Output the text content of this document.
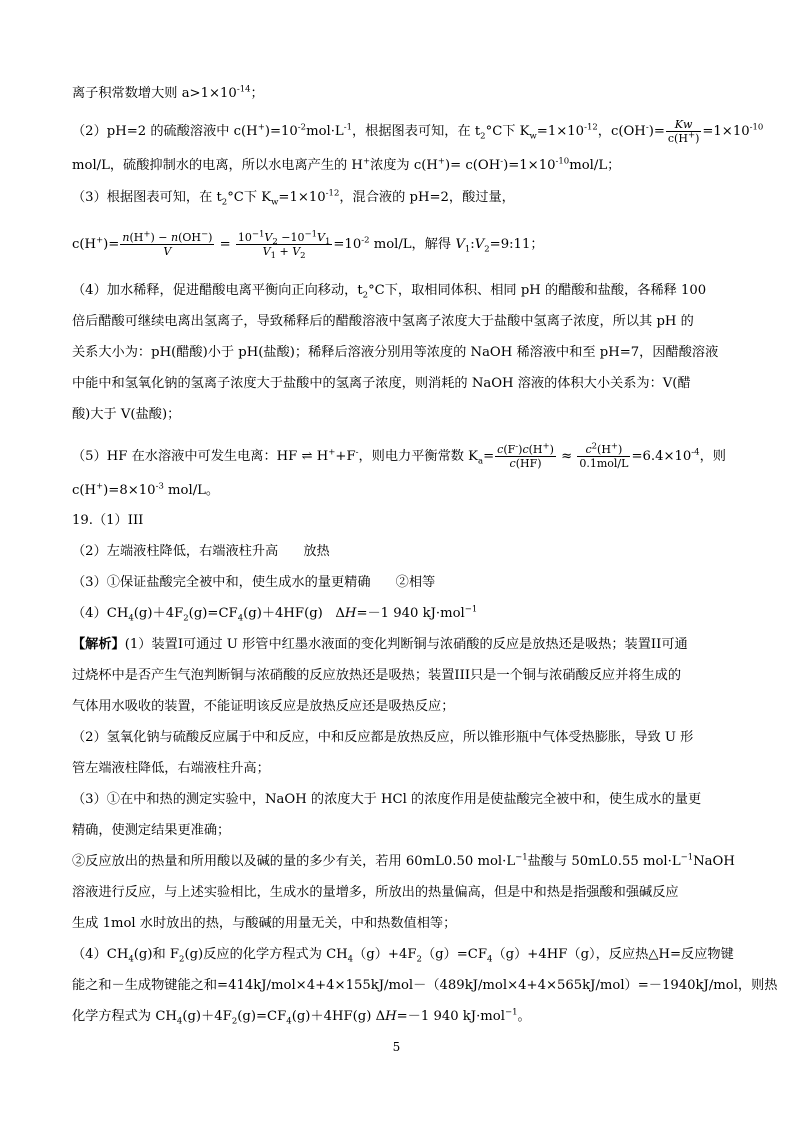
离子积常数增大则 $a>1\times 10^{-14}$；
（2）pH=2 的硫酸溶液中 $c(H^+)=10^{-2}mol\cdot L^{-1}$，根据图表可知，在 $t_2^\circ C$下 $K_w=1\times 10^{-12}$，$c(OH^-)= \frac{Kw}{c(H^+)} =1\times 10^{-10}$
mol/L，硫酸抑制水的电离，所以水电离产生的 H+浓度为 $c(H^+)= c(OH^-)=1\times 10^{-10}mol/L$；
（3）根据图表可知，在 $t_2^\circ C$下 $K_w=1\times 10^{-12}$，混合液的 pH=2，酸过量，
$c(H^+)= \frac{n(H^+) - n(OH^-)}{V} = \frac{10^{-1}V_2 -10^{-1}V_1}{V_1 + V_2} =10^{-2}$ mol/L，解得 $V_1:V_2=9:11$；
（4）加水稀释，促进醋酸电离平衡向正向移动，$t_2^\circ C$下，取相同体积、相同 pH 的醋酸和盐酸，各稀释 100
倍后醋酸可继续电离出氢离子，导致稀释后的醋酸溶液中氢离子浓度大于盐酸中氢离子浓度，所以其 pH 的
关系大小为：pH(醋酸)小于 pH(盐酸)；稀释后溶液分别用等浓度的 NaOH 稀溶液中和至 pH=7，因醋酸溶液
中能中和氢氧化钠的氢离子浓度大于盐酸中的氢离子浓度，则消耗的 NaOH 溶液的体积大小关系为：V(醋
酸)大于 V(盐酸)；
（5）HF 在水溶液中可发生电离：HF ⇌ H++F-，则电力平衡常数 $K_a= \frac{c(F^-)c(H^+)}{c(HF)} \approx \frac{c^2(H^+)}{\text{0.1mol/L}} =6.4\times 10^{-4}$，则
$c(H^+)=8\times 10^{-3}$ mol/L。
19.（1）III
（2）左端液柱降低，右端液柱升高      放热
（3）①保证盐酸完全被中和，使生成水的量更精确      ②相等
$(4)CH_4(g)+4F_2(g)=CF_4(g)+4HF(g)$   ΔH=－1 940 kJ·mol$^{-1}$
【解析】(1）装置I可通过 U 形管中红墨水液面的变化判断铜与浓硝酸的反应是放热还是吸热；装置II可通
过烧杯中是否产生气泡判断铜与浓硝酸的反应放热还是吸热；装置III只是一个铜与浓硝酸反应并将生成的
气体用水吸收的装置，不能证明该反应是放热反应还是吸热反应；
（2）氢氧化钠与硫酸反应属于中和反应，中和反应都是放热反应，所以锥形瓶中气体受热膨胀，导致 U 形
管左端液柱降低，右端液柱升高；
（3）①在中和热的测定实验中，NaOH 的浓度大于 HCl 的浓度作用是使盐酸完全被中和，使生成水的量更
精确，使测定结果更准确；
②反应放出的热量和所用酸以及碱的量的多少有关，若用 60mL0.50 $mol\cdot L^{-1}$盐酸与 50mL0.55 $mol\cdot L^{-1}NaOH$
溶液进行反应，与上述实验相比，生成水的量增多，所放出的热量偏高，但是中和热是指强酸和强碱反应
生成 1mol 水时放出的热，与酸碱的用量无关，中和热数值相等；
$(4)CH_4(g)$和 $F_2(g)$反应的化学方程式为 $CH_4(g)+4F_2(g)=CF_4(g)+4HF(g)$，反应热△H=反应物键
能之和－生成物键能之和=414kJ/mol×4+4×155kJ/mol－（489kJ/mol×4+4×565kJ/mol）=－1940kJ/mol，则热
化学方程式为 $CH_4(g)+4F_2(g)=CF_4(g)+4HF(g)$ ΔH=－1 940 kJ·mol$^{-1}$。
5
